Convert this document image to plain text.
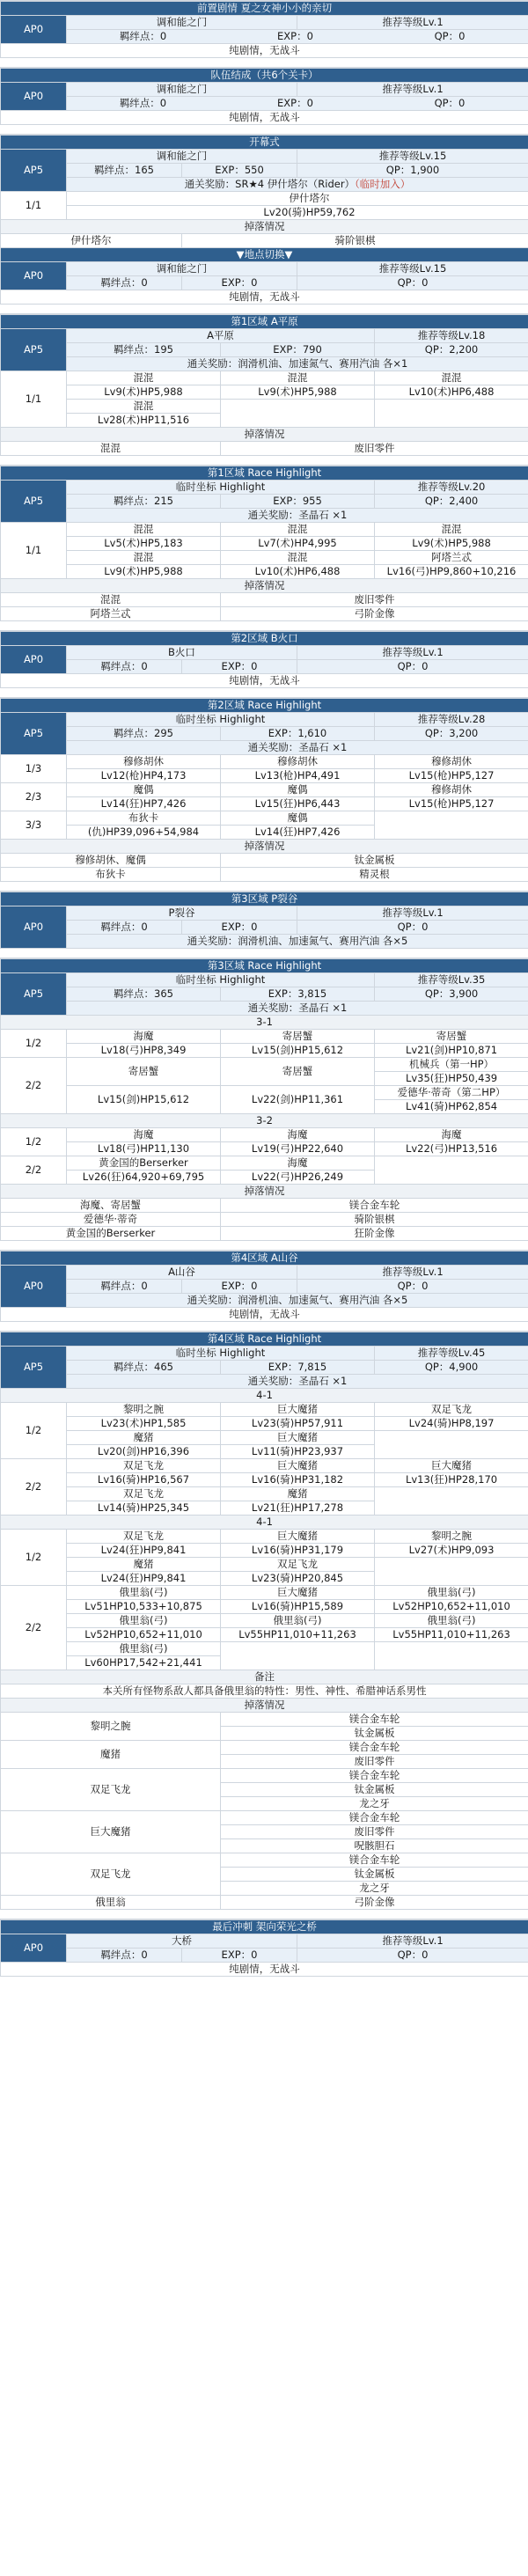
前置剧情 夏之女神小小的亲切
AP0	调和能之门	推荐等级Lv.1

羁绊点：0	EXP：0	QP：0

纯剧情，无战斗
队伍结成（共6个关卡）
AP0	调和能之门	推荐等级Lv.1

羁绊点：0	EXP：0	QP：0

纯剧情，无战斗
开幕式			
AP5	调和能之门		推荐等级Lv.15
	羁绊点：165	EXP：550	QP：1,900
	通关奖励：SR★4 伊什塔尔（Rider）（临时加入）		
1/1	伊什塔尔		
	Lv20(骑)HP59,762		
掉落情况			
伊什塔尔		骑阶银棋	
▼地点切换▼			
AP0	调和能之门		推荐等级Lv.15
	羁绊点：0	EXP：0	QP：0
纯剧情，无战斗			
第1区域 A平原			
AP5	A平原		推荐等级Lv.18
	羁绊点：195	EXP：790	QP：2,200
	通关奖励：润滑机油、加速氮气、赛用汽油 各×1		
1/1	混混	混混	混混
	Lv9(术)HP5,988	Lv9(术)HP5,988	Lv10(术)HP6,488
	混混		
	Lv28(术)HP11,516		
掉落情况			
混混		废旧零件	
第1区域 Race Highlight			
AP5	临时坐标 Highlight		推荐等级Lv.20
	羁绊点：215	EXP：955	QP：2,400
	通关奖励：圣晶石 ×1		
1/1	混混	混混	混混
	Lv5(术)HP5,183	Lv7(术)HP4,995	Lv9(术)HP5,988
	混混	混混	阿塔兰忒
	Lv9(术)HP5,988	Lv10(术)HP6,488	Lv16(弓)HP9,860+10,216
掉落情况			
混混		废旧零件	
阿塔兰忒		弓阶金像	
第2区域 B火口			
AP0	B火口		推荐等级Lv.1
	羁绊点：0	EXP：0	QP：0
纯剧情，无战斗			
第2区域 Race Highlight			
AP5	临时坐标 Highlight		推荐等级Lv.28
	羁绊点：295	EXP：1,610	QP：3,200
	通关奖励：圣晶石 ×1		
1/3	穆修胡休	穆修胡休	穆修胡休
	Lv12(枪)HP4,173	Lv13(枪)HP4,491	Lv15(枪)HP5,127
2/3	魔偶	魔偶	穆修胡休
	Lv14(狂)HP7,426	Lv15(狂)HP6,443	Lv15(枪)HP5,127
3/3	布狄卡	魔偶	
	(仇)HP39,096+54,984	Lv14(狂)HP7,426	
掉落情况			
穆修胡休、魔偶		钛金属板	
布狄卡		精灵根	
第3区域 P裂谷			
AP0	P裂谷		推荐等级Lv.1
	羁绊点：0	EXP：0	QP：0
	通关奖励：润滑机油、加速氮气、赛用汽油 各×5		
第3区域 Race Highlight			
AP5	临时坐标 Highlight		推荐等级Lv.35
	羁绊点：365	EXP：3,815	QP：3,900
	通关奖励：圣晶石 ×1		
3-1			
1/2	海魔	寄居蟹	寄居蟹
	Lv18(弓)HP8,349	Lv15(剑)HP15,612	Lv21(剑)HP10,871
2/2	寄居蟹	寄居蟹	机械兵（第一HP）
			Lv35(狂)HP50,439
	Lv15(剑)HP15,612	Lv22(剑)HP11,361	爱德华·蒂奇（第二HP）
			Lv41(骑)HP62,854
3-2			
1/2	海魔	海魔	海魔
	Lv18(弓)HP11,130	Lv19(弓)HP22,640	Lv22(弓)HP13,516
2/2	黄金国的Berserker	海魔	
	Lv26(狂)64,920+69,795	Lv22(弓)HP26,249	
掉落情况			
海魔、寄居蟹		镁合金车轮	
爱德华·蒂奇		骑阶银棋	
黄金国的Berserker		狂阶金像	
第4区域 A山谷			
AP0	A山谷		推荐等级Lv.1
	羁绊点：0	EXP：0	QP：0
	通关奖励：润滑机油、加速氮气、赛用汽油 各×5		
纯剧情，无战斗			
第4区域 Race Highlight			
AP5	临时坐标 Highlight		推荐等级Lv.45
	羁绊点：465	EXP：7,815	QP：4,900
	通关奖励：圣晶石 ×1		
4-1			
1/2	黎明之腕	巨大魔猪	双足飞龙
	Lv23(术)HP1,585	Lv23(骑)HP57,911	Lv24(骑)HP8,197
	魔猪	巨大魔猪	
	Lv20(剑)HP16,396	Lv11(骑)HP23,937	
2/2	双足飞龙	巨大魔猪	巨大魔猪
	Lv16(骑)HP16,567	Lv16(骑)HP31,182	Lv13(狂)HP28,170
	双足飞龙	魔猪	
	Lv14(骑)HP25,345	Lv21(狂)HP17,278	
4-1			
1/2	双足飞龙	巨大魔猪	黎明之腕
	Lv24(狂)HP9,841	Lv16(骑)HP31,179	Lv27(术)HP9,093
	魔猪	双足飞龙	
	Lv24(狂)HP9,841	Lv23(骑)HP20,845	
2/2	俄里翁(弓)	巨大魔猪	俄里翁(弓)
	Lv51HP10,533+10,875	Lv16(骑)HP15,589	Lv52HP10,652+11,010
	俄里翁(弓)	俄里翁(弓)	俄里翁(弓)
	Lv52HP10,652+11,010	Lv55HP11,010+11,263	Lv55HP11,010+11,263
	俄里翁(弓)		
	Lv60HP17,542+21,441		
备注			
本关所有怪物系敌人都具备俄里翁的特性：男性、神性、希腊神话系男性			
掉落情况			
黎明之腕		镁合金车轮	
		钛金属板	
魔猪		镁合金车轮	
		废旧零件	
双足飞龙		镁合金车轮	
		钛金属板	
		龙之牙	
巨大魔猪		镁合金车轮	
		废旧零件	
		呪骸胆石	
双足飞龙		镁合金车轮	
		钛金属板	
		龙之牙	
俄里翁		弓阶金像	
最后冲刺 架向荣光之桥			
AP0	大桥		推荐等级Lv.1
	羁绊点：0	EXP：0	QP：0
纯剧情，无战斗			
